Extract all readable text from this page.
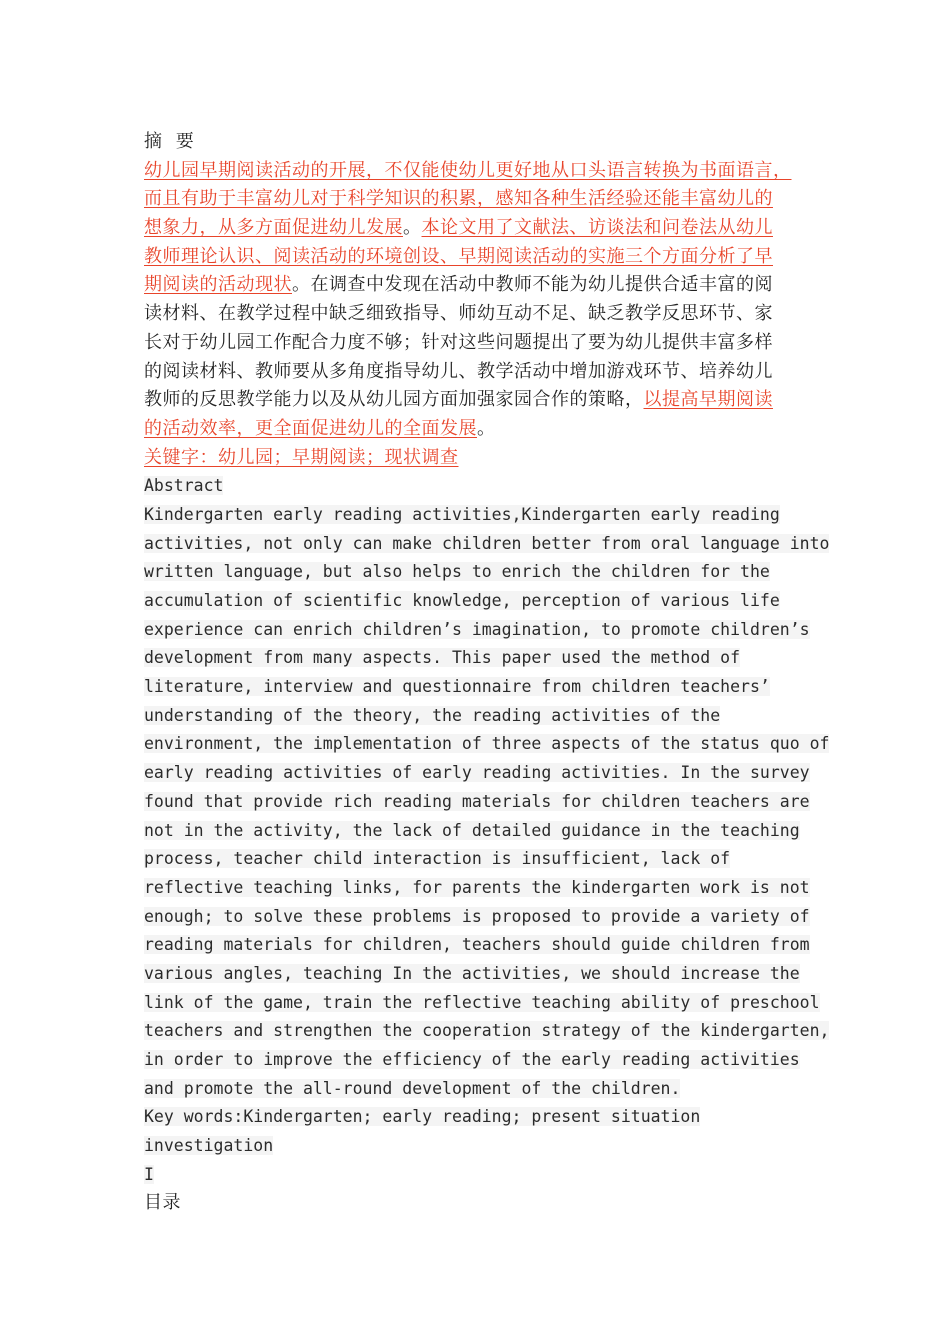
摘 要
幼儿园早期阅读活动的开展，不仅能使幼儿更好地从口头语言转换为书面语言，
而且有助于丰富幼儿对于科学知识的积累，感知各种生活经验还能丰富幼儿的
想象力，从多方面促进幼儿发展。本论文用了文献法、访谈法和问卷法从幼儿
教师理论认识、阅读活动的环境创设、早期阅读活动的实施三个方面分析了早
期阅读的活动现状。在调查中发现在活动中教师不能为幼儿提供合适丰富的阅
读材料、在教学过程中缺乏细致指导、师幼互动不足、缺乏教学反思环节、家
长对于幼儿园工作配合力度不够；针对这些问题提出了要为幼儿提供丰富多样
的阅读材料、教师要从多角度指导幼儿、教学活动中增加游戏环节、培养幼儿
教师的反思教学能力以及从幼儿园方面加强家园合作的策略，以提高早期阅读
的活动效率，更全面促进幼儿的全面发展。
关键字：幼儿园；早期阅读；现状调查
Abstract
Kindergarten early reading activities,Kindergarten early reading
activities, not only can make children better from oral language into
written language, but also helps to enrich the children for the
accumulation of scientific knowledge, perception of various life
experience can enrich children’s imagination, to promote children’s
development from many aspects. This paper used the method of
literature, interview and questionnaire from children teachers’
understanding of the theory, the reading activities of the
environment, the implementation of three aspects of the status quo of
early reading activities of early reading activities. In the survey
found that provide rich reading materials for children teachers are
not in the activity, the lack of detailed guidance in the teaching
process, teacher child interaction is insufficient, lack of
reflective teaching links, for parents the kindergarten work is not
enough; to solve these problems is proposed to provide a variety of
reading materials for children, teachers should guide children from
various angles, teaching In the activities, we should increase the
link of the game, train the reflective teaching ability of preschool
teachers and strengthen the cooperation strategy of the kindergarten,
in order to improve the efficiency of the early reading activities
and promote the all-round development of the children.
Key words:Kindergarten; early reading; present situation
investigation
I
目录
